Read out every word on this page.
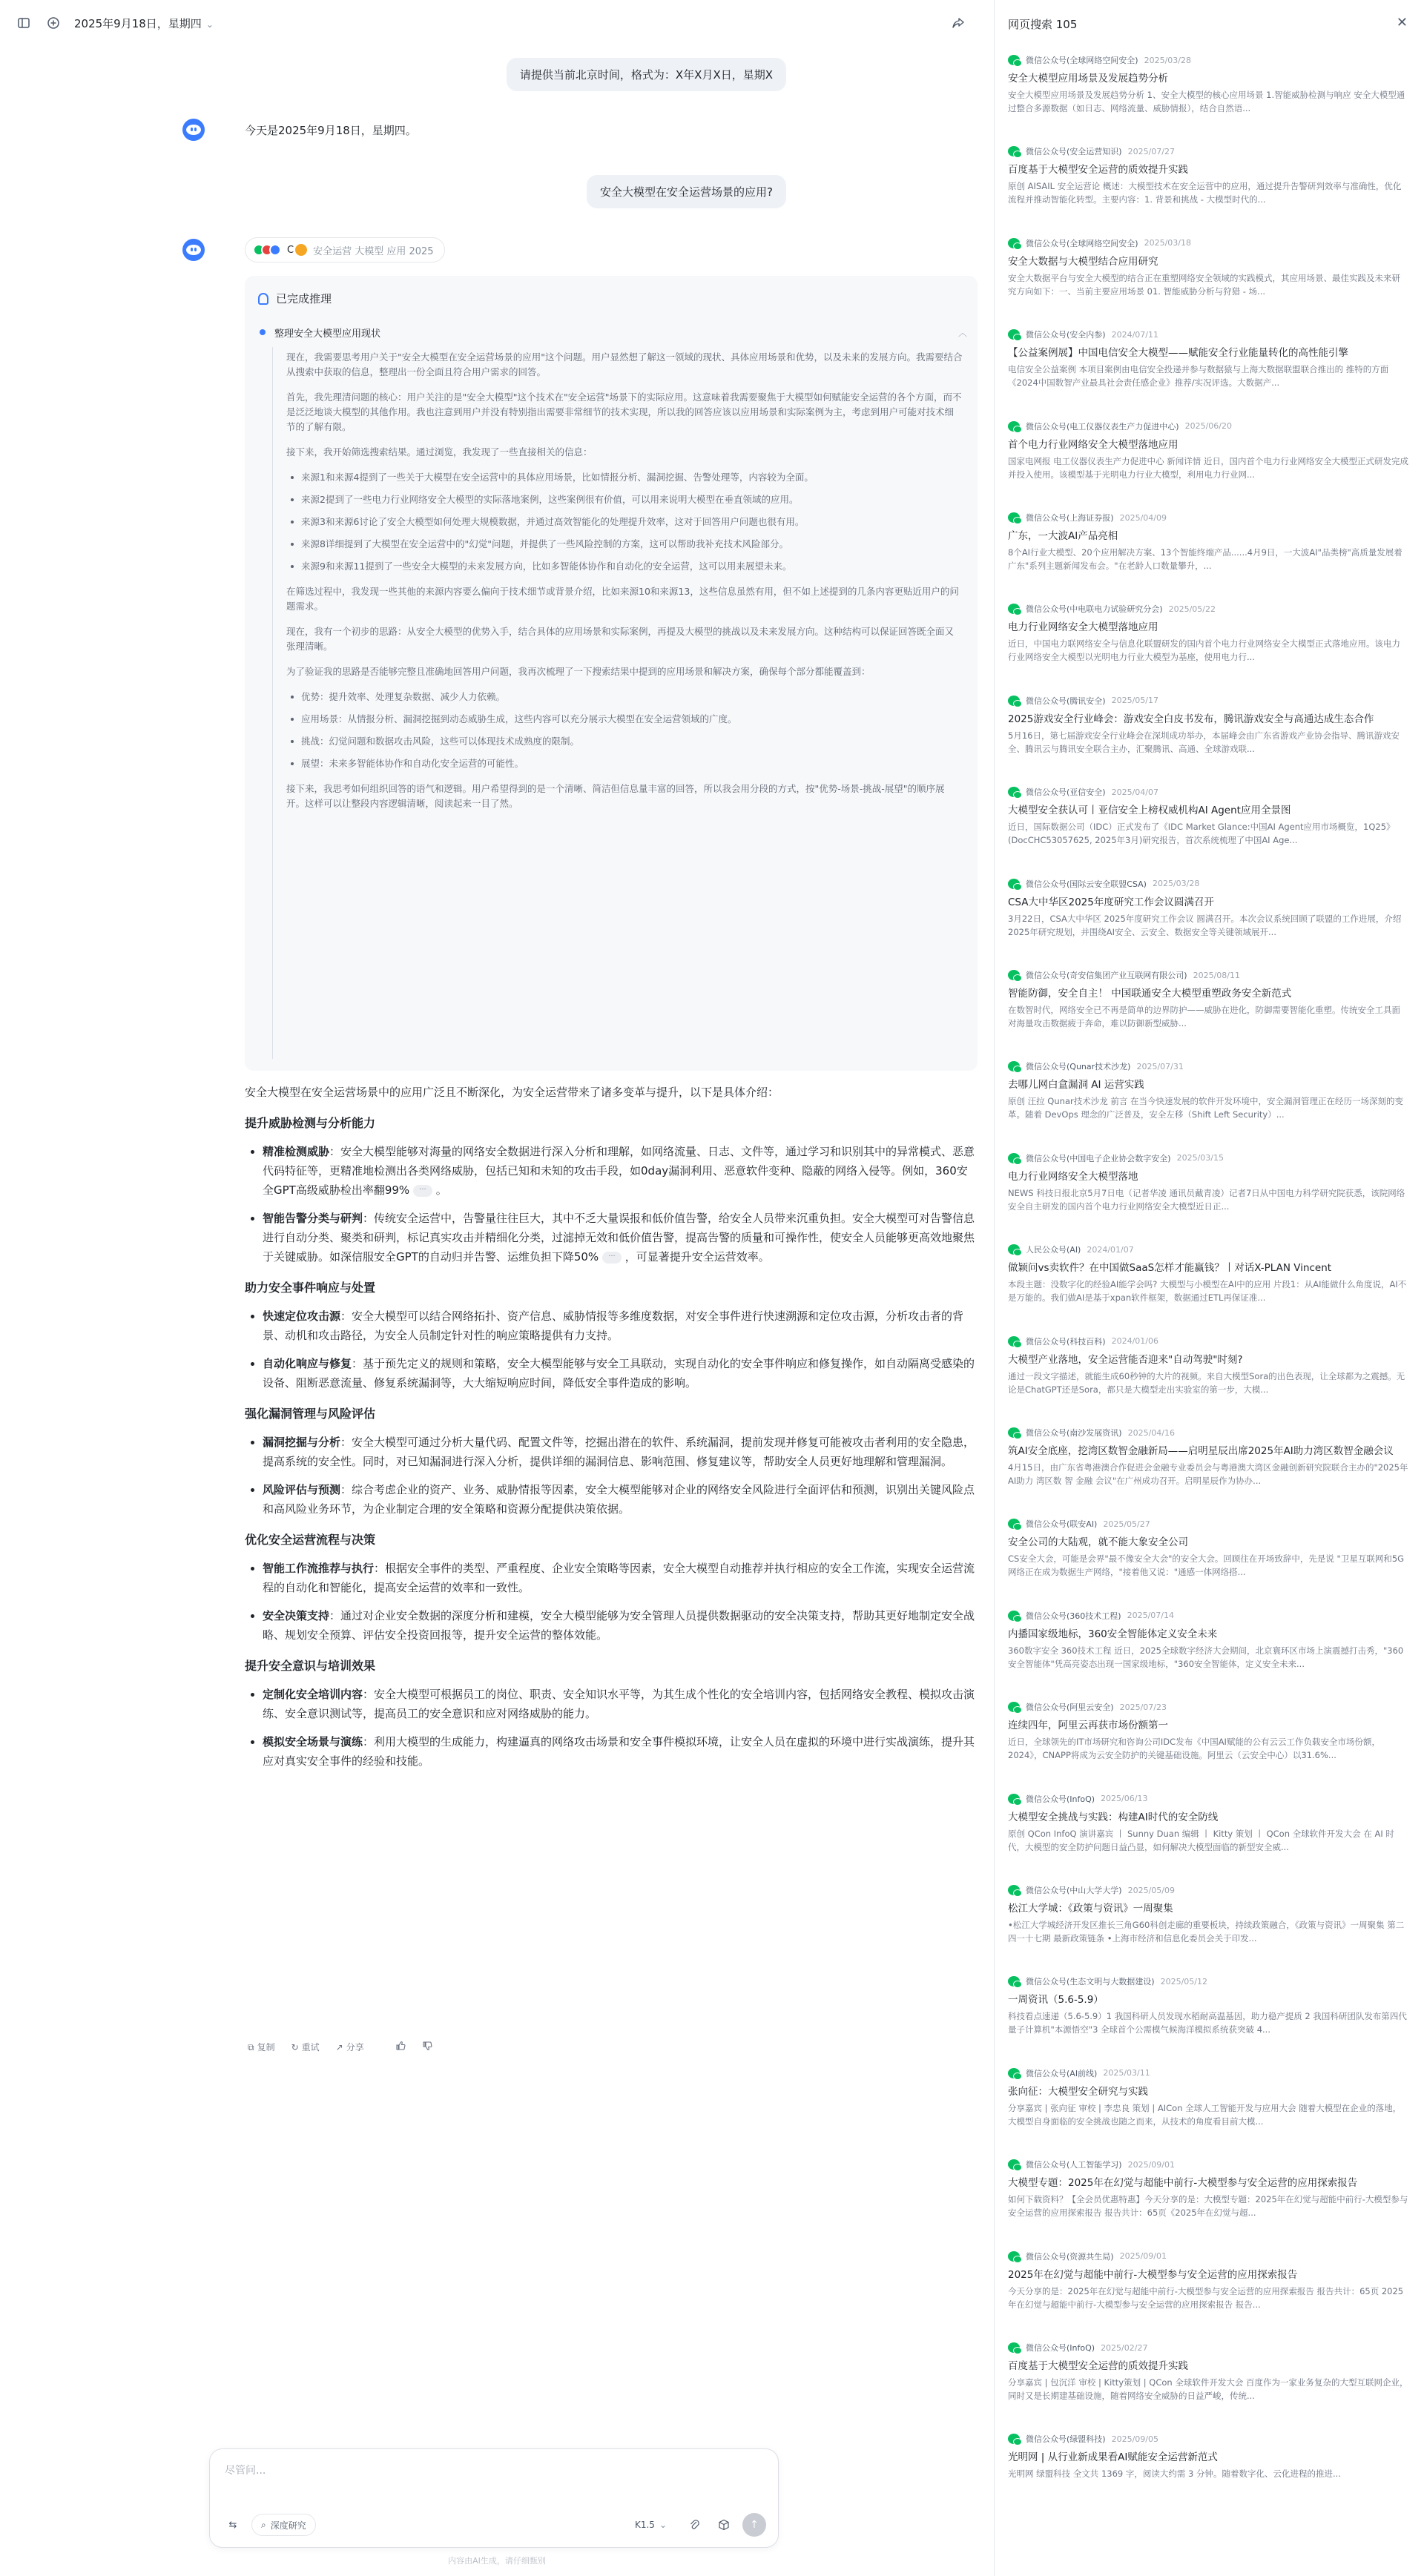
2025年9月18日，星期四 ⌄
请提供当前北京时间，格式为：X年X月X日，星期X
今天是2025年9月18日，星期四。
安全大模型在安全运营场景的应用?
C 安全运营 大模型 应用 2025
已完成推理
整理安全大模型应用现状	︿

现在，我需要思考用户关于"安全大模型在安全运营场景的应用"这个问题。用户显然想了解这一领域的现状、具体应用场景和优势，以及未来的发展方向。我需要结合从搜索中获取的信息，整理出一份全面且符合用户需求的回答。

首先，我先理清问题的核心：用户关注的是"安全大模型"这个技术在"安全运营"场景下的实际应用。这意味着我需要聚焦于大模型如何赋能安全运营的各个方面，而不是泛泛地谈大模型的其他作用。我也注意到用户并没有特别指出需要非常细节的技术实现，所以我的回答应该以应用场景和实际案例为主，考虑到用户可能对技术细节的了解有限。

接下来，我开始筛选搜索结果。通过浏览，我发现了一些直接相关的信息：

来源1和来源4提到了一些关于大模型在安全运营中的具体应用场景，比如情报分析、漏洞挖掘、告警处理等，内容较为全面。
来源2提到了一些电力行业网络安全大模型的实际落地案例，这些案例很有价值，可以用来说明大模型在垂直领域的应用。
来源3和来源6讨论了安全大模型如何处理大规模数据，并通过高效智能化的处理提升效率，这对于回答用户问题也很有用。
来源8详细提到了大模型在安全运营中的"幻觉"问题，并提供了一些风险控制的方案，这可以帮助我补充技术风险部分。
来源9和来源11提到了一些安全大模型的未来发展方向，比如多智能体协作和自动化的安全运营，这可以用来展望未来。

在筛选过程中，我发现一些其他的来源内容要么偏向于技术细节或背景介绍，比如来源10和来源13，这些信息虽然有用，但不如上述提到的几条内容更贴近用户的问题需求。

现在，我有一个初步的思路：从安全大模型的优势入手，结合具体的应用场景和实际案例，再提及大模型的挑战以及未来发展方向。这种结构可以保证回答既全面又张理清晰。

为了验证我的思路是否能够完整且准确地回答用户问题，我再次梳理了一下搜索结果中提到的应用场景和解决方案，确保每个部分都能覆盖到：

优势：提升效率、处理复杂数据、减少人力依赖。
应用场景：从情报分析、漏洞挖掘到动态威胁生成，这些内容可以充分展示大模型在安全运营领域的广度。
挑战：幻觉问题和数据攻击风险，这些可以体现技术成熟度的限制。
展望：未来多智能体协作和自动化安全运营的可能性。

接下来，我思考如何组织回答的语气和逻辑。用户希望得到的是一个清晰、简洁但信息量丰富的回答，所以我会用分段的方式，按"优势-场景-挑战-展望"的顺序展开。这样可以让整段内容逻辑清晰，阅读起来一目了然。

安全大模型在安全运营场景中的应用广泛且不断深化，为安全运营带来了诸多变革与提升，以下是具体介绍：

提升威胁检测与分析能力
精准检测威胁：安全大模型能够对海量的网络安全数据进行深入分析和理解，如网络流量、日志、文件等，通过学习和识别其中的异常模式、恶意代码特征等，更精准地检测出各类网络威胁，包括已知和未知的攻击手段，如0day漏洞利用、恶意软件变种、隐蔽的网络入侵等。例如，360安全GPT高级威胁检出率翻99% ··· 。
智能告警分类与研判：传统安全运营中，告警量往往巨大，其中不乏大量误报和低价值告警，给安全人员带来沉重负担。安全大模型可对告警信息进行自动分类、聚类和研判，标记真实攻击并精细化分类，过滤掉无效和低价值告警，提高告警的质量和可操作性，使安全人员能够更高效地聚焦于关键威胁。如深信服安全GPT的自动归并告警、运维负担下降50% ··· ，可显著提升安全运营效率。
助力安全事件响应与处置
快速定位攻击源：安全大模型可以结合网络拓扑、资产信息、威胁情报等多维度数据，对安全事件进行快速溯源和定位攻击源，分析攻击者的背景、动机和攻击路径，为安全人员制定针对性的响应策略提供有力支持。
自动化响应与修复：基于预先定义的规则和策略，安全大模型能够与安全工具联动，实现自动化的安全事件响应和修复操作，如自动隔离受感染的设备、阻断恶意流量、修复系统漏洞等，大大缩短响应时间，降低安全事件造成的影响。
强化漏洞管理与风险评估
漏洞挖掘与分析：安全大模型可通过分析大量代码、配置文件等，挖掘出潜在的软件、系统漏洞，提前发现并修复可能被攻击者利用的安全隐患，提高系统的安全性。同时，对已知漏洞进行深入分析，提供详细的漏洞信息、影响范围、修复建议等，帮助安全人员更好地理解和管理漏洞。
风险评估与预测：综合考虑企业的资产、业务、威胁情报等因素，安全大模型能够对企业的网络安全风险进行全面评估和预测，识别出关键风险点和高风险业务环节，为企业制定合理的安全策略和资源分配提供决策依据。
优化安全运营流程与决策
智能工作流推荐与执行：根据安全事件的类型、严重程度、企业安全策略等因素，安全大模型自动推荐并执行相应的安全工作流，实现安全运营流程的自动化和智能化，提高安全运营的效率和一致性。
安全决策支持：通过对企业安全数据的深度分析和建模，安全大模型能够为安全管理人员提供数据驱动的安全决策支持，帮助其更好地制定安全战略、规划安全预算、评估安全投资回报等，提升安全运营的整体效能。
提升安全意识与培训效果
定制化安全培训内容：安全大模型可根据员工的岗位、职责、安全知识水平等，为其生成个性化的安全培训内容，包括网络安全教程、模拟攻击演练、安全意识测试等，提高员工的安全意识和应对网络威胁的能力。
模拟安全场景与演练：利用大模型的生成能力，构建逼真的网络攻击场景和安全事件模拟环境，让安全人员在虚拟的环境中进行实战演练，提升其应对真实安全事件的经验和技能。
⧉ 复制 ↻ 重试 ↗ 分享
尽管问...
⇆	⌕ 深度研究	K1.5 ⌄	↑
内容由AI生成，请仔细甄别
网页搜索 105	✕
微信公众号(全球网络空间安全) 2025/03/28
安全大模型应用场景及发展趋势分析
安全大模型应用场景及发展趋势分析 1、安全大模型的核心应用场景 1.智能威胁检测与响应 安全大模型通过整合多源数据（如日志、网络流量、威胁情报），结合自然语...
微信公众号(安全运营知识) 2025/07/27
百度基于大模型安全运营的质效提升实践
原创 AISAIL 安全运营论 概述：大模型技术在安全运营中的应用，通过提升告警研判效率与准确性，优化流程并推动智能化转型。主要内容：1. 背景和挑战 - 大模型时代的...
微信公众号(全球网络空间安全) 2025/03/18
安全大数据与大模型结合应用研究
安全大数据平台与安全大模型的结合正在重塑网络安全领域的实践模式，其应用场景、最佳实践及未来研究方向如下：一、当前主要应用场景 01. 智能威胁分析与狩猎 - 场...
微信公众号(安全内参) 2024/07/11
【公益案例展】中国电信安全大模型——赋能安全行业能量转化的高性能引擎
电信安全公益案例 本项目案例由电信安全投递并参与数据猿与上海大数据联盟联合推出的 推特的方面 《2024中国数智产业最具社会责任感企业》推荐/实况评选。大数据产...
微信公众号(电工仪器仪表生产力促进中心) 2025/06/20
首个电力行业网络安全大模型落地应用
国家电网报 电工仪器仪表生产力促进中心 新闻详情 近日，国内首个电力行业网络安全大模型正式研发完成并投入使用。该模型基于光明电力行业大模型，利用电力行业网...
微信公众号(上海证券报) 2025/04/09
广东，一大波AI产品亮相
8个AI行业大模型、20个应用解决方案、13个智能终端产品......4月9日，一大波AI"品类榜"高质量发展着广东"系列主题新闻发布会。"在老龄人口数量攀升，...
微信公众号(中电联电力试验研究分会) 2025/05/22
电力行业网络安全大模型落地应用
近日，中国电力联网络安全与信息化联盟研发的国内首个电力行业网络安全大模型正式落地应用。该电力行业网络安全大模型以光明电力行业大模型为基座，使用电力行...
微信公众号(腾讯安全) 2025/05/17
2025游戏安全行业峰会：游戏安全白皮书发布，腾讯游戏安全与高通达成生态合作
5月16日，第七届游戏安全行业峰会在深圳成功举办，本届峰会由广东省游戏产业协会指导、腾讯游戏安全、腾讯云与腾讯安全联合主办，汇聚腾讯、高通、全球游戏联...
微信公众号(亚信安全) 2025/04/07
大模型安全获认可丨亚信安全上榜权威机构AI Agent应用全景图
近日，国际数据公司（IDC）正式发布了《IDC Market Glance:中国AI Agent应用市场概览，1Q25》(DocCHC53057625, 2025年3月)研究报告，首次系统梳理了中国AI Age...
微信公众号(国际云安全联盟CSA) 2025/03/28
CSA大中华区2025年度研究工作会议圆满召开
3月22日，CSA大中华区 2025年度研究工作会议 圆满召开。本次会议系统回顾了联盟的工作进展，介绍2025年研究规划，并围绕AI安全、云安全、数据安全等关键领域展开...
微信公众号(奇安信集团产业互联网有限公司) 2025/08/11
智能防御，安全自主！ 中国联通安全大模型重塑政务安全新范式
在数智时代，网络安全已不再是简单的边界防护——威胁在进化，防御需要智能化重塑。传统安全工具面对海量攻击数据疲于奔命，难以防御新型威胁...
微信公众号(Qunar技术沙龙) 2025/07/31
去哪儿网白盒漏洞 AI 运营实践
原创 汪拉 Qunar技术沙龙 前言 在当今快速发展的软件开发环境中，安全漏洞管理正在经历一场深刻的变革。随着 DevOps 理念的广泛普及，安全左移（Shift Left Security）...
微信公众号(中国电子企业协会数字安全) 2025/03/15
电力行业网络安全大模型落地
NEWS 科技日报北京5月7日电（记者华凌 通讯员戴青凌）记者7日从中国电力科学研究院获悉，该院网络安全自主研发的国内首个电力行业网络安全大模型近日正...
人民公众号(AI) 2024/01/07
做颖问vs卖软件？在中国做SaaS怎样才能赢钱？丨对话X-PLAN Vincent
本段主题：没数字化的经验AI能学会吗? 大模型与小模型在AI中的应用 片段1：从AI能做什么角度说，AI不是万能的。我们做AI是基于xpan软件框架，数据通过ETL再保证准...
微信公众号(科技百科) 2024/01/06
大模型产业落地，安全运营能否迎来"自动驾驶"时刻?
通过一段文字描述，就能生成60秒钟的大片的视频。来自大模型Sora的出色表现，让全球都为之震撼。无论是ChatGPT还是Sora，都只是大模型走出实验室的第一步，大模...
微信公众号(南沙发展资讯) 2025/04/16
筑AI安全底座，挖湾区数智金融新局——启明星辰出席2025年AI助力湾区数智金融会议
4月15日，由广东省粤港澳合作促进会金融专业委员会与粤港澳大湾区金融创新研究院联合主办的"2025年AI助力 湾区数 智 金融 会议"在广州成功召开。启明星辰作为协办...
微信公众号(联安AI) 2025/05/27
安全公司的大陆观，就不能大象安全公司
CS安全大会，可能是会界"最不像安全大会"的安全大会。回顾往在开场致辞中，先是说 "卫星互联网和5G网络正在成为数据生产网络，"接着他又说："通感一体网络搭...
微信公众号(360技术工程) 2025/07/14
内播国家级地标，360安全智能体定义安全未来
360数字安全 360技术工程 近日，2025全球数字经济大会期间，北京寰环区市场上演震撼打击秀，"360安全智能体"凭高亮姿态出现一国家级地标，"360安全智能体，定义安全未来...
微信公众号(阿里云安全) 2025/07/23
连续四年，阿里云再获市场份额第一
近日，全球领先的IT市场研究和咨询公司IDC发布《中国AI赋能的公有云云工作负载安全市场份额，2024》，CNAPP将成为云安全防护的关键基础设施。阿里云（云安全中心）以31.6%...
微信公众号(InfoQ) 2025/06/13
大模型安全挑战与实践：构建AI时代的安全防线
原创 QCon InfoQ 演讲嘉宾 丨 Sunny Duan 编辑 丨 Kitty 策划 丨 QCon 全球软件开发大会 在 AI 时代，大模型的安全防护问题日益凸显，如何解决大模型面临的新型安全威...
微信公众号(中山大学大学) 2025/05/09
松江大学城：《政策与资讯》一周聚集
•松江大学城经济开发区推长三角G60科创走廊的重要板块，持续政策融合，《政策与资讯》一周聚集 第二四一十七期 最新政策链条 •上海市经济和信息化委员会关于印发...
微信公众号(生态文明与大数据建设) 2025/05/12
一周资讯（5.6-5.9）
科技看点速递（5.6-5.9）1 我国科研人员发现水稻耐高温基因，助力稳产提质 2 我国科研团队发布第四代量子计算机"本源悟空"3 全球首个公需模气候海洋模拟系统获突破 4...
微信公众号(AI前线) 2025/03/11
张向征：大模型安全研究与实践
分享嘉宾 | 张向征 审校 | 李忠良 策划 | AICon 全球人工智能开发与应用大会 随着大模型在企业的落地，大模型自身面临的安全挑战也随之而来，从技术的角度看目前大模...
微信公众号(人工智能学习) 2025/09/01
大模型专题：2025年在幻觉与超能中前行-大模型参与安全运营的应用探索报告
如何下载资料？【全会员优惠特惠】今天分享的是：大模型专题：2025年在幻觉与超能中前行-大模型参与安全运营的应用探索报告 报告共计：65页《2025年在幻觉与超...
微信公众号(资源共生局) 2025/09/01
2025年在幻觉与超能中前行-大模型参与安全运营的应用探索报告
今天分享的是：2025年在幻觉与超能中前行-大模型参与安全运营的应用探索报告 报告共计：65页 2025年在幻觉与超能中前行-大模型参与安全运营的应用探索报告 报告...
微信公众号(InfoQ) 2025/02/27
百度基于大模型安全运营的质效提升实践
分享嘉宾 | 包沉洋 审校 | Kitty策划 | QCon 全球软件开发大会 百度作为一家业务复杂的大型互联网企业，同时又是长期建基础设施，随着网络安全威胁的日益严峻，传统...
微信公众号(绿盟科技) 2025/09/05
光明网 | 从行业新成果看AI赋能安全运营新范式
光明网 绿盟科技 全文共 1369 字，阅读大约需 3 分钟。随着数字化、云化进程的推进...
